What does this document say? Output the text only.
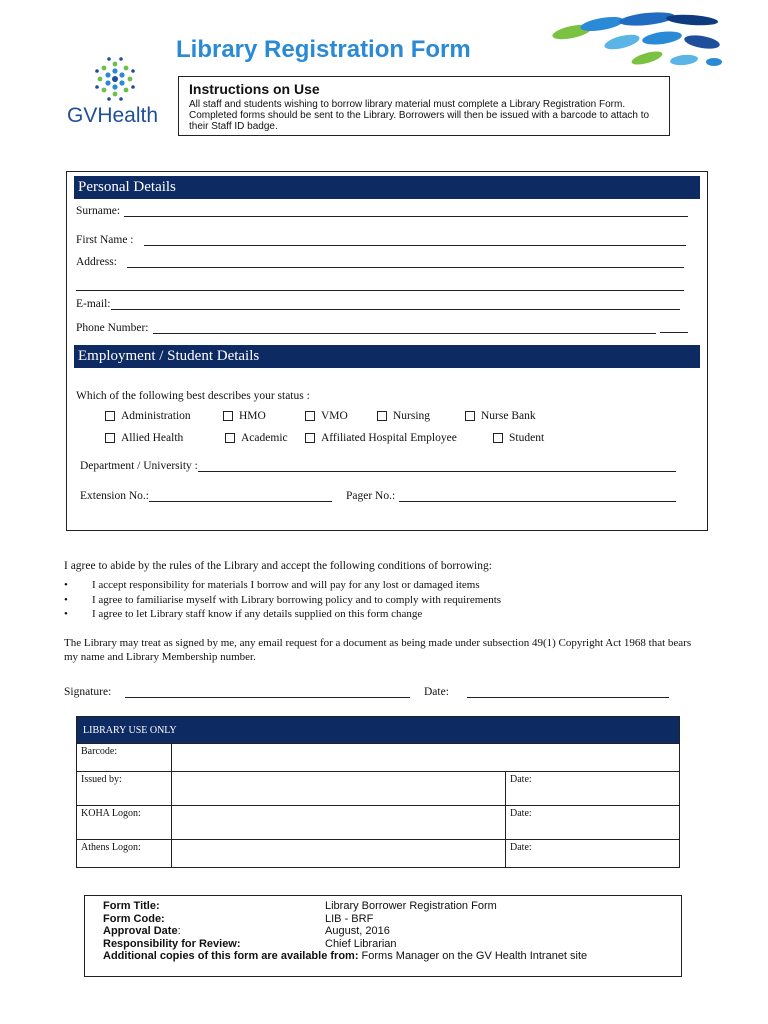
Library Registration Form
GVHealth
Instructions on Use

All staff and students wishing to borrow library material must complete a Library Registration Form. Completed forms should be sent to the Library. Borrowers will then be issued with a barcode to attach to their Staff ID badge.

Personal Details
Surname:
First Name :
Address:
E-mail:
Phone Number:
Employment / Student Details
Which of the following best describes your status :
Administration	HMO	VMO	Nursing	Nurse Bank
Allied Health	Academic	Affiliated Hospital Employee	Student
Department / University :
Extension No.:	Pager No.:
I agree to abide by the rules of the Library and accept the following conditions of borrowing:
•	I accept responsibility for materials I borrow and will pay for any lost or damaged items
•	I agree to familiarise myself with Library borrowing policy and to comply with requirements
•	I agree to let Library staff know if any details supplied on this form change
The Library may treat as signed by me, any email request for a document as being made under subsection 49(1) Copyright Act 1968 that bears my name and Library Membership number.
Signature:	Date:
LIBRARY USE ONLY		
Barcode:		
Issued by:		Date:
KOHA Logon:		Date:
Athens Logon:		Date:
Form Title:	Library Borrower Registration Form
Form Code:	LIB - BRF
Approval Date:	August, 2016
Responsibility for Review:	Chief Librarian
Additional copies of this form are available from: Forms Manager on the GV Health Intranet site
